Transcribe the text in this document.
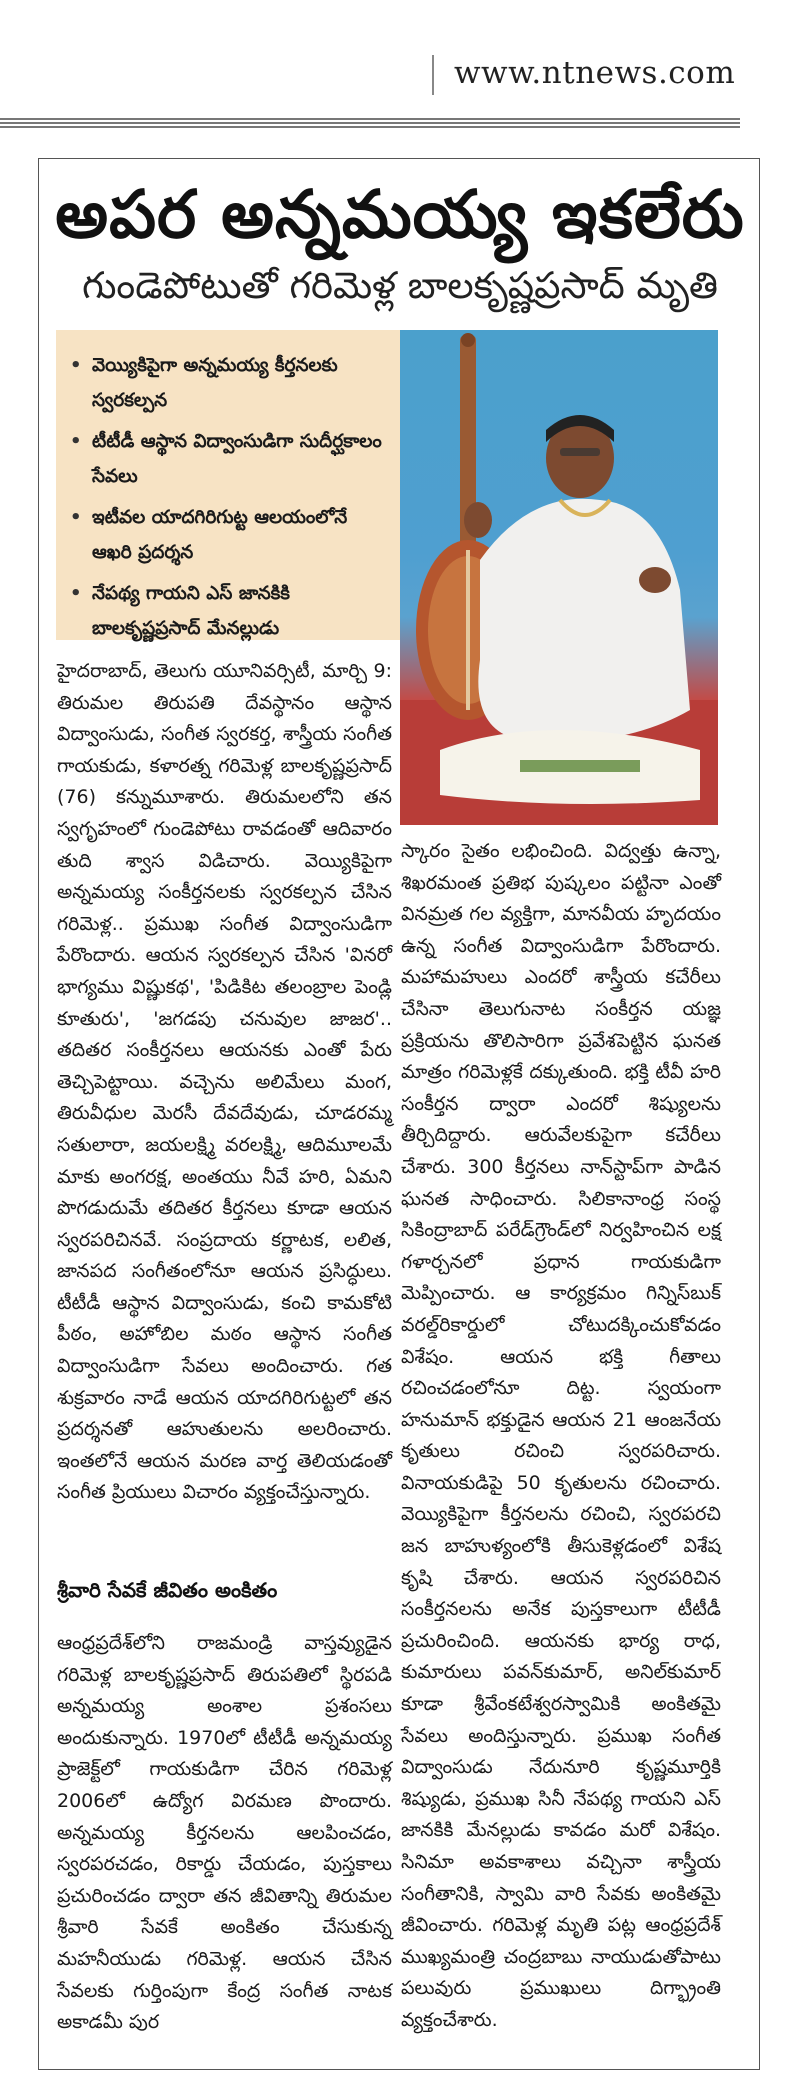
www.ntnews.com
అపర అన్నమయ్య ఇకలేరు
గుండెపోటుతో గరిమెళ్ల బాలకృష్ణప్రసాద్ మృతి
• వెయ్యికిపైగా అన్నమయ్య కీర్తనలకు స్వరకల్పన
• టీటీడీ ఆస్థాన విద్వాంసుడిగా సుదీర్ఘకాలం సేవలు
• ఇటీవల యాదగిరిగుట్ట ఆలయంలోనే ఆఖరి ప్రదర్శన
• నేపథ్య గాయని ఎస్ జానకికి బాలకృష్ణప్రసాద్ మేనల్లుడు

హైదరాబాద్, తెలుగు యూనివర్సిటీ, మార్చి 9: తిరుమల తిరుపతి దేవస్థానం ఆస్థాన విద్వాంసుడు, సంగీత స్వరకర్త, శాస్త్రీయ సంగీత గాయకుడు, కళారత్న గరిమెళ్ల బాలకృష్ణప్రసాద్ (76) కన్నుమూశారు. తిరుమలలోని తన స్వగృహంలో గుండెపోటు రావడంతో ఆదివారం తుది శ్వాస విడిచారు. వెయ్యికిపైగా అన్నమయ్య సంకీర్తనలకు స్వరకల్పన చేసిన గరిమెళ్ల.. ప్రముఖ సంగీత విద్వాంసుడిగా పేరొందారు. ఆయన స్వరకల్పన చేసిన 'వినరో భాగ్యము విష్ణుకథ', 'పిడికిట తలంబ్రాల పెండ్లి కూతురు', 'జగడపు చనువుల జాజర'.. తదితర సంకీర్తనలు ఆయనకు ఎంతో పేరు తెచ్చిపెట్టాయి. వచ్చెను అలిమేలు మంగ, తిరువీధుల మెరసీ దేవదేవుడు, చూడరమ్మ సతులారా, జయలక్ష్మి వరలక్ష్మి, ఆదిమూలమే మాకు అంగరక్ష, అంతయు నీవే హరి, ఏమని పొగడుదుమే తదితర కీర్తనలు కూడా ఆయన స్వరపరిచినవే. సంప్రదాయ కర్ణాటక, లలిత, జానపద సంగీతంలోనూ ఆయన ప్రసిద్ధులు. టీటీడీ ఆస్థాన విద్వాంసుడు, కంచి కామకోటి పీఠం, అహోబిల మఠం ఆస్థాన సంగీత విద్వాంసుడిగా సేవలు అందించారు. గత శుక్రవారం నాడే ఆయన యాదగిరిగుట్టలో తన ప్రదర్శనతో ఆహుతులను అలరించారు. ఇంతలోనే ఆయన మరణ వార్త తెలియడంతో సంగీత ప్రియులు విచారం వ్యక్తంచేస్తున్నారు.

శ్రీవారి సేవకే జీవితం అంకితం

ఆంధ్రప్రదేశ్‌లోని రాజమండ్రి వాస్తవ్యుడైన గరిమెళ్ల బాలకృష్ణప్రసాద్ తిరుపతిలో స్థిరపడి అన్నమయ్య అంశాల ప్రశంసలు అందుకున్నారు. 1970లో టీటీడీ అన్నమయ్య ప్రాజెక్ట్‌లో గాయకుడిగా చేరిన గరిమెళ్ల 2006లో ఉద్యోగ విరమణ పొందారు. అన్నమయ్య కీర్తనలను ఆలపించడం, స్వరపరచడం, రికార్డు చేయడం, పుస్తకాలు ప్రచురించడం ద్వారా తన జీవితాన్ని తిరుమల శ్రీవారి సేవకే అంకితం చేసుకున్న మహనీయుడు గరిమెళ్ల. ఆయన చేసిన సేవలకు గుర్తింపుగా కేంద్ర సంగీత నాటక అకాడమీ పుర

స్కారం సైతం లభించింది. విద్వత్తు ఉన్నా, శిఖరమంత ప్రతిభ పుష్కలం పట్టినా ఎంతో వినమ్రత గల వ్యక్తిగా, మానవీయ హృదయం ఉన్న సంగీత విద్వాంసుడిగా పేరొందారు. మహామహులు ఎందరో శాస్త్రీయ కచేరీలు చేసినా తెలుగునాట సంకీర్తన యజ్ఞ ప్రక్రియను తొలిసారిగా ప్రవేశపెట్టిన ఘనత మాత్రం గరిమెళ్లకే దక్కుతుంది. భక్తి టీవీ హరి సంకీర్తన ద్వారా ఎందరో శిష్యులను తీర్చిదిద్దారు. ఆరువేలకుపైగా కచేరీలు చేశారు. 300 కీర్తనలు నాన్‌స్టాప్‌గా పాడిన ఘనత సాధించారు. సిలికానాంధ్ర సంస్థ సికింద్రాబాద్ పరేడ్‌గ్రౌండ్‌లో నిర్వహించిన లక్ష గళార్చనలో ప్రధాన గాయకుడిగా మెప్పించారు. ఆ కార్యక్రమం గిన్నిస్‌బుక్ వరల్డ్‌రికార్డులో చోటుదక్కించుకోవడం విశేషం. ఆయన భక్తి గీతాలు రచించడంలోనూ దిట్ట. స్వయంగా హనుమాన్ భక్తుడైన ఆయన 21 ఆంజనేయ కృతులు రచించి స్వరపరిచారు. వినాయకుడిపై 50 కృతులను రచించారు. వెయ్యికిపైగా కీర్తనలను రచించి, స్వరపరచి జన బాహుళ్యంలోకి తీసుకెళ్లడంలో విశేష కృషి చేశారు. ఆయన స్వరపరిచిన సంకీర్తనలను అనేక పుస్తకాలుగా టీటీడీ ప్రచురించింది. ఆయనకు భార్య రాధ, కుమారులు పవన్‌కుమార్, అనిల్‌కుమార్ కూడా శ్రీవేంకటేశ్వరస్వామికి అంకితమై సేవలు అందిస్తున్నారు. ప్రముఖ సంగీత విద్వాంసుడు నేదునూరి కృష్ణమూర్తికి శిష్యుడు, ప్రముఖ సినీ నేపథ్య గాయని ఎస్ జానకికి మేనల్లుడు కావడం మరో విశేషం. సినిమా అవకాశాలు వచ్చినా శాస్త్రీయ సంగీతానికి, స్వామి వారి సేవకు అంకితమై జీవించారు. గరిమెళ్ల మృతి పట్ల ఆంధ్రప్రదేశ్ ముఖ్యమంత్రి చంద్రబాబు నాయుడుతోపాటు పలువురు ప్రముఖులు దిగ్భ్రాంతి వ్యక్తంచేశారు.
